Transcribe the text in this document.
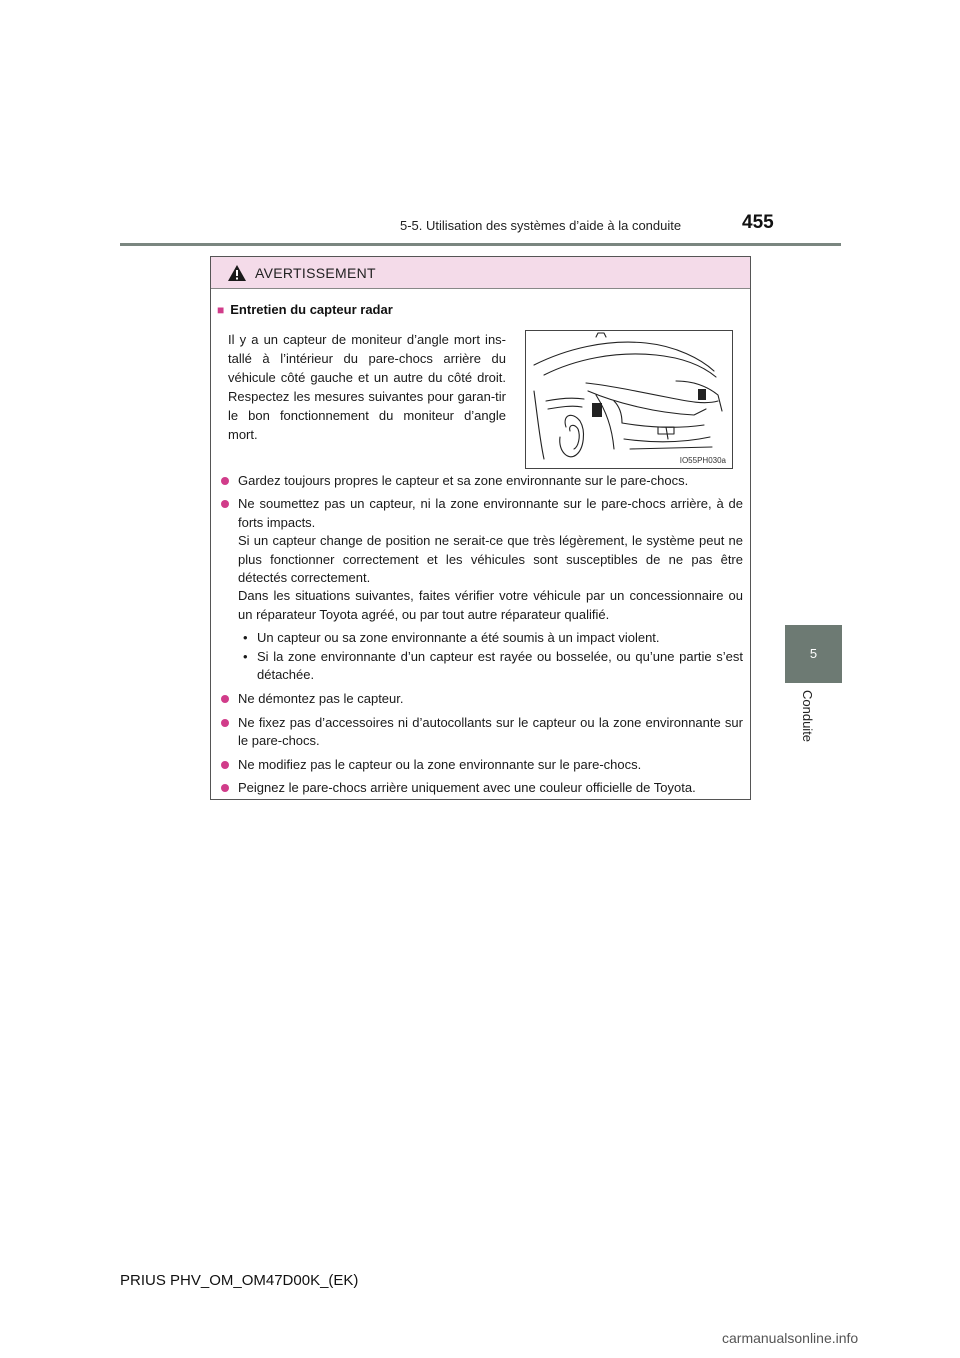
5-5. Utilisation des systèmes d’aide à la conduite	455
5
Conduite
AVERTISSEMENT
■ Entretien du capteur radar
Il y a un capteur de moniteur d’angle mort ins-tallé à l’intérieur du pare-chocs arrière du véhicule côté gauche et un autre du côté droit. Respectez les mesures suivantes pour garan-tir le bon fonctionnement du moniteur d’angle mort.
IO55PH030a
Gardez toujours propres le capteur et sa zone environnante sur le pare-chocs.
Ne soumettez pas un capteur, ni la zone environnante sur le pare-chocs arrière, à de forts impacts.
Si un capteur change de position ne serait-ce que très légèrement, le système peut ne plus fonctionner correctement et les véhicules sont susceptibles de ne pas être détectés correctement.
Dans les situations suivantes, faites vérifier votre véhicule par un concessionnaire ou un réparateur Toyota agréé, ou par tout autre réparateur qualifié.
• Un capteur ou sa zone environnante a été soumis à un impact violent.
• Si la zone environnante d’un capteur est rayée ou bosselée, ou qu’une partie s’est détachée.
Ne démontez pas le capteur.
Ne fixez pas d’accessoires ni d’autocollants sur le capteur ou la zone environnante sur le pare-chocs.
Ne modifiez pas le capteur ou la zone environnante sur le pare-chocs.
Peignez le pare-chocs arrière uniquement avec une couleur officielle de Toyota.
PRIUS PHV_OM_OM47D00K_(EK)
carmanualsonline.info
